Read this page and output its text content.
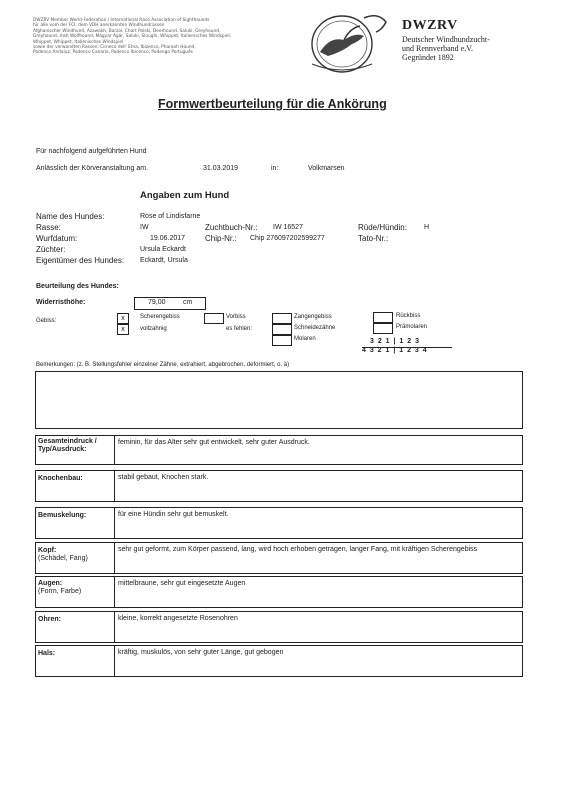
DWZRV Member World-Federation / International Race Association of Sighthounds
für alle vom der FCI, dem VDH anerkannten Windhundrassen
Afghanischer Windhund, Azawakh, Barzoi, Chart Polski, Deerhound, Saluki, Greyhound,
Greyhound, Irish Wolfhound, Magyar Agár, Saluki, Sloughi, Whippet, Italienisches Windspiel,
Whippet, Whippet, Italienisches Windspiel
sowie der verwandten Rassen: Cirneco dell' Etna, Ibizenco, Pharaoh Hound,
Podenco Andaluz, Podenco Canario, Podenco Ibicenco, Podengo Português
DWZRV
Deutscher Windhundzucht-
und Rennverband e.V.
Gegründet 1892
Formwertbeurteilung für die Ankörung
Für nachfolgend aufgeführten Hund
Anlässlich der Körveranstaltung am.	31.03.2019	in:	Volkmarsen
Angaben zum Hund
Name des Hundes:	Rose of Lindisfarne
Rasse:	IW	Zuchtbuch-Nr.: IW 16527	Rüde/Hündin: H
Wurfdatum:	19.06.2017 Chip-Nr.: Chip 276097202599277	Tato-Nr.:
Züchter:	Ursula Eckardt
Eigentümer des Hundes: Eckardt, Ursula
Beurteilung des Hundes:
Widerristhöhe:	79,00 cm
Gebiss:	x	Scherengebiss
x	vollzahnig
Vorbiss
es fehlen:
Zangengebiss
Schneidezähne
Molaren
Rückbiss
Prämolaren
3 2 1 | 1 2 3
4 3 2 1 | 1 2 3 4
Bemerkungen: (z. B. Stellungsfehler einzelner Zähne, extrahiert, abgebrochen, deformiert, o. ä)
Gesamteindruck /
Typ/Ausdruck:
feminin, für das Alter sehr gut entwickelt, sehr guter Ausdruck.
Knochenbau:	stabil gebaut, Knochen stark.
Bemuskelung:	für eine Hündin sehr gut bemuskelt.
Kopf:
(Schädel, Fang)
sehr gut geformt, zum Körper passend, lang, wird hoch erhoben getragen, langer Fang, mit kräftigen Scherengebiss
Augen:
(Form, Farbe)
mittelbraune, sehr gut eingesetzte Augen
Ohren:	kleine, korrekt angesetzte Rosenohren
Hals:	kräftig, muskulös, von sehr guter Länge, gut gebogen
